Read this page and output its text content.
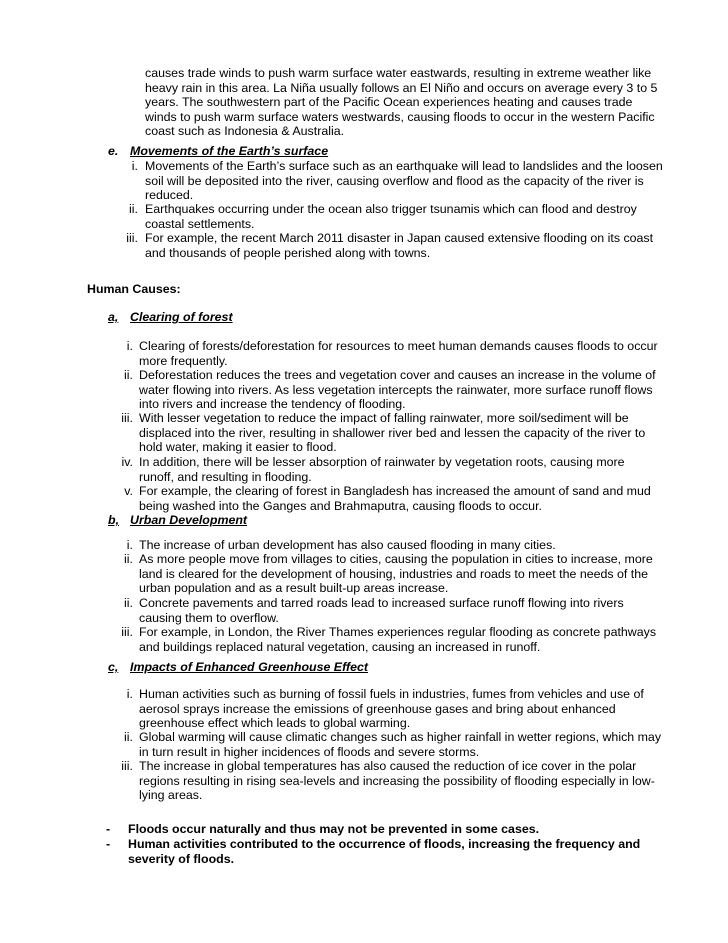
causes trade winds to push warm surface water eastwards, resulting in extreme weather like
heavy rain in this area. La Niña usually follows an El Niño and occurs on average every 3 to 5
years. The southwestern part of the Pacific Ocean experiences heating and causes trade
winds to push warm surface waters westwards, causing floods to occur in the western Pacific
coast such as Indonesia & Australia.
e. Movements of the Earth’s surface
i. Movements of the Earth’s surface such as an earthquake will lead to landslides and the loosen
soil will be deposited into the river, causing overflow and flood as the capacity of the river is
reduced.
ii. Earthquakes occurring under the ocean also trigger tsunamis which can flood and destroy
coastal settlements.
iii. For example, the recent March 2011 disaster in Japan caused extensive flooding on its coast
and thousands of people perished along with towns.
Human Causes:
a, Clearing of forest
i. Clearing of forests/deforestation for resources to meet human demands causes floods to occur
more frequently.
ii. Deforestation reduces the trees and vegetation cover and causes an increase in the volume of
water flowing into rivers. As less vegetation intercepts the rainwater, more surface runoff flows
into rivers and increase the tendency of flooding.
iii. With lesser vegetation to reduce the impact of falling rainwater, more soil/sediment will be
displaced into the river, resulting in shallower river bed and lessen the capacity of the river to
hold water, making it easier to flood.
iv. In addition, there will be lesser absorption of rainwater by vegetation roots, causing more
runoff, and resulting in flooding.
v. For example, the clearing of forest in Bangladesh has increased the amount of sand and mud
being washed into the Ganges and Brahmaputra, causing floods to occur.
b, Urban Development
i. The increase of urban development has also caused flooding in many cities.
ii. As more people move from villages to cities, causing the population in cities to increase, more
land is cleared for the development of housing, industries and roads to meet the needs of the
urban population and as a result built-up areas increase.
ii. Concrete pavements and tarred roads lead to increased surface runoff flowing into rivers
causing them to overflow.
iii. For example, in London, the River Thames experiences regular flooding as concrete pathways
and buildings replaced natural vegetation, causing an increased in runoff.
c, Impacts of Enhanced Greenhouse Effect
i. Human activities such as burning of fossil fuels in industries, fumes from vehicles and use of
aerosol sprays increase the emissions of greenhouse gases and bring about enhanced
greenhouse effect which leads to global warming.
ii. Global warming will cause climatic changes such as higher rainfall in wetter regions, which may
in turn result in higher incidences of floods and severe storms.
iii. The increase in global temperatures has also caused the reduction of ice cover in the polar
regions resulting in rising sea-levels and increasing the possibility of flooding especially in low-
lying areas.
- Floods occur naturally and thus may not be prevented in some cases.
- Human activities contributed to the occurrence of floods, increasing the frequency and
severity of floods.
